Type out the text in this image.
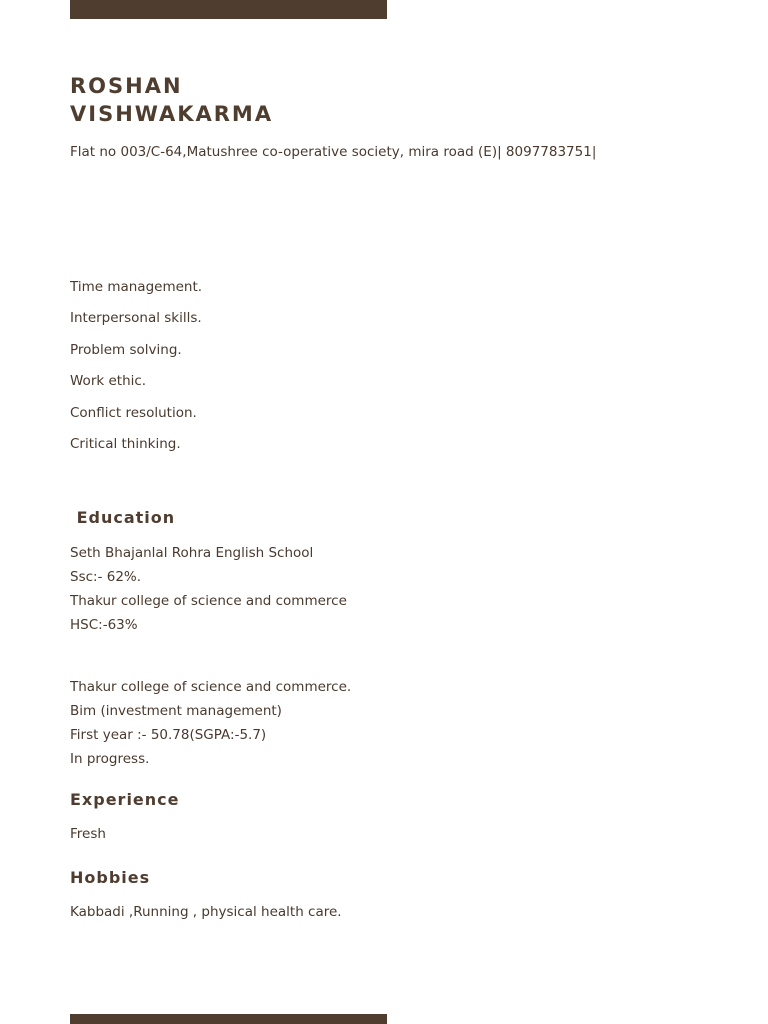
ROSHAN
VISHWAKARMA
Flat no 003/C-64,Matushree co-operative society, mira road (E)| 8097783751|
Time management.
Interpersonal skills.
Problem solving.
Work ethic.
Conflict resolution.
Critical thinking.
Education
Seth Bhajanlal Rohra English School
Ssc:- 62%.
Thakur college of science and commerce
HSC:-63%
Thakur college of science and commerce.
Bim (investment management)
First year :- 50.78(SGPA:-5.7)
In progress.
Experience
Fresh
Hobbies
Kabbadi ,Running , physical health care.
